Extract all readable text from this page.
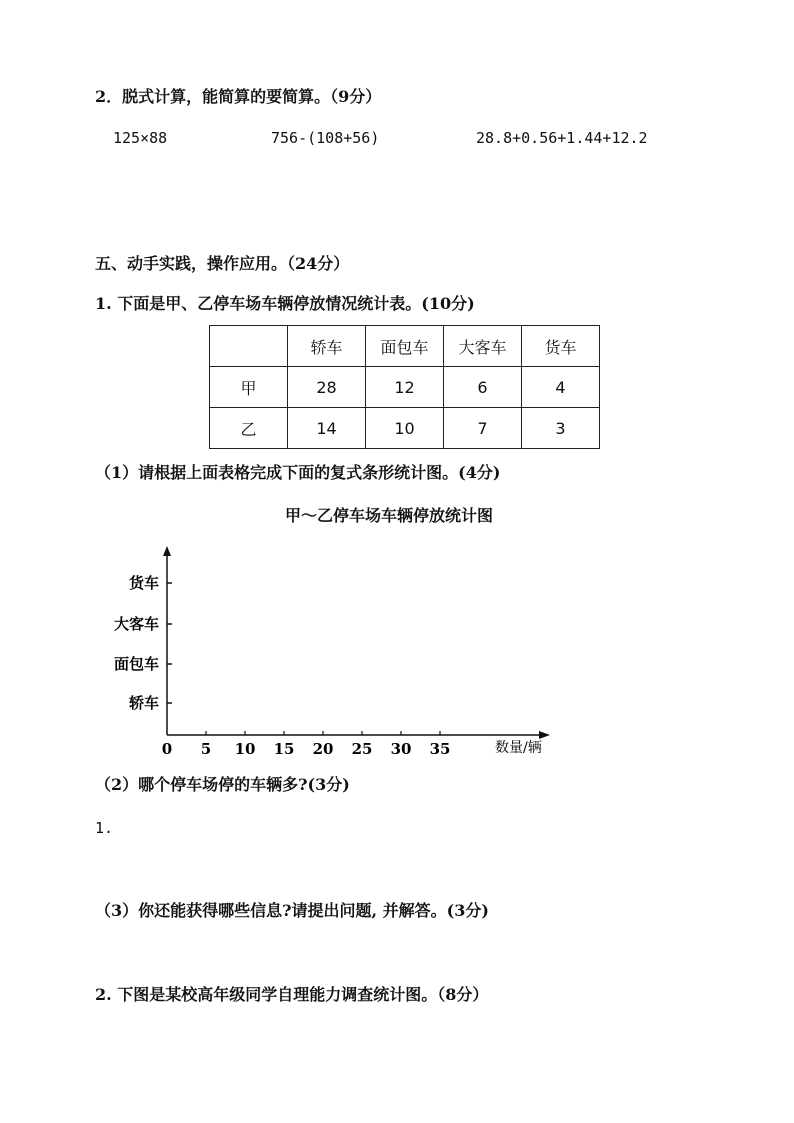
2．脱式计算，能简算的要简算。（9分）
125×88	756-(108+56)	28.8+0.56+1.44+12.2
五、动手实践，操作应用。（24分）
1. 下面是甲、乙停车场车辆停放情况统计表。(10分)
	轿车	面包车	大客车	货车
甲	28	12	6	4
乙	14	10	7	3
（1）请根据上面表格完成下面的复式条形统计图。(4分)
甲～乙停车场车辆停放统计图
轿车
面包车
大客车
货车
0 5 10 15 20 25 30 35	数量/辆
（2）哪个停车场停的车辆多?(3分)
1.
（3）你还能获得哪些信息?请提出问题, 并解答。(3分)
2. 下图是某校高年级同学自理能力调查统计图。（8分）
